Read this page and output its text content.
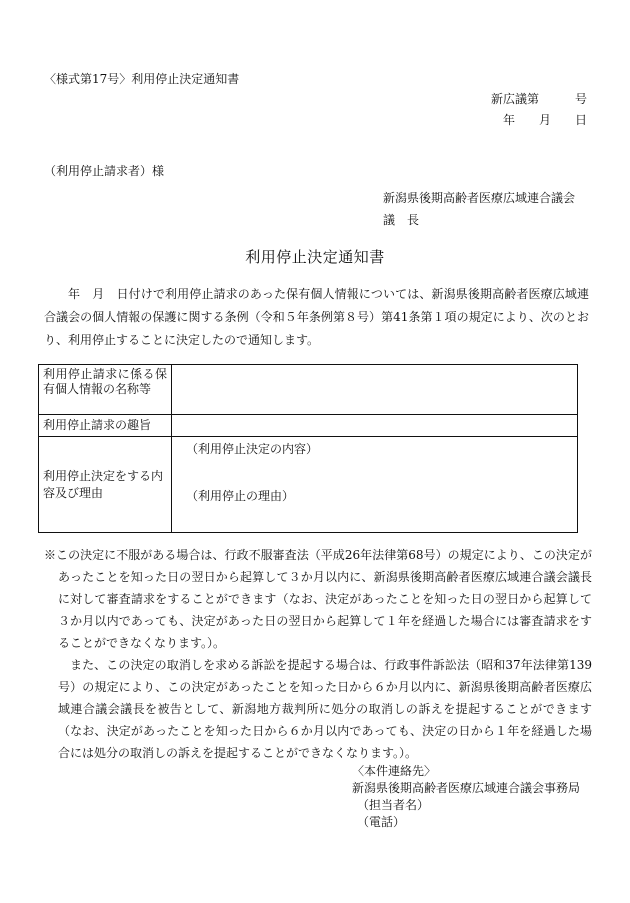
〈様式第17号〉利用停止決定通知書
新広議第　　　号
年　　月　　日
（利用停止請求者）様
新潟県後期高齢者医療広域連合議会
議　長
利用停止決定通知書

年　月　日付けで利用停止請求のあった保有個人情報については、新潟県後期高齢者医療広域連合議会の個人情報の保護に関する条例（令和５年条例第８号）第41条第１項の規定により、次のとおり、利用停止することに決定したので通知します。

利用停止請求に係る保有個人情報の名称等	
利用停止請求の趣旨	
利用停止決定をする内容及び理由	（利用停止決定の内容）
（利用停止の理由）

※この決定に不服がある場合は、行政不服審査法（平成26年法律第68号）の規定により、この決定があったことを知った日の翌日から起算して３か月以内に、新潟県後期高齢者医療広域連合議会議長に対して審査請求をすることができます（なお、決定があったことを知った日の翌日から起算して３か月以内であっても、決定があった日の翌日から起算して１年を経過した場合には審査請求をすることができなくなります。）。

また、この決定の取消しを求める訴訟を提起する場合は、行政事件訴訟法（昭和37年法律第139号）の規定により、この決定があったことを知った日から６か月以内に、新潟県後期高齢者医療広域連合議会議長を被告として、新潟地方裁判所に処分の取消しの訴えを提起することができます（なお、決定があったことを知った日から６か月以内であっても、決定の日から１年を経過した場合には処分の取消しの訴えを提起することができなくなります。）。

〈本件連絡先〉
新潟県後期高齢者医療広域連合議会事務局
（担当者名）
（電話）
